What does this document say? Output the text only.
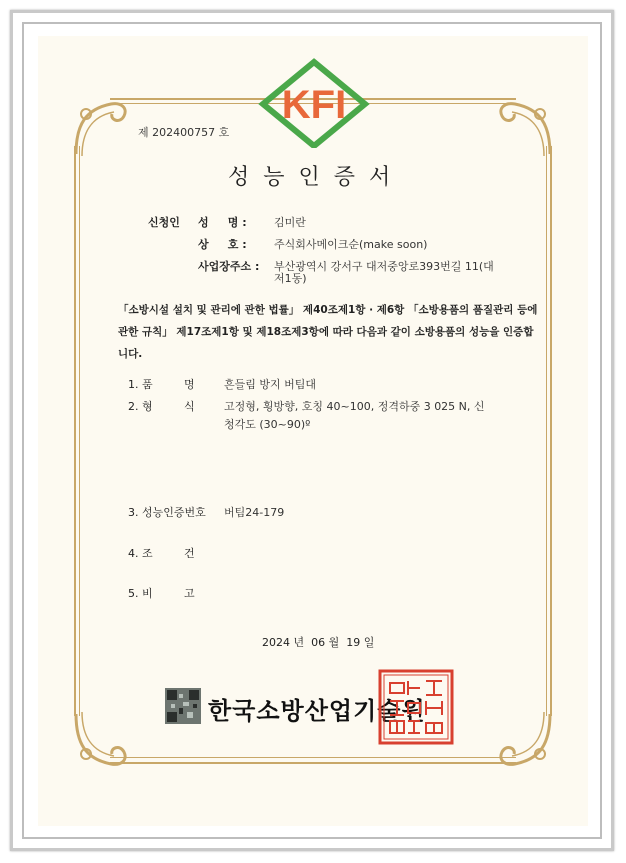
KFI
제 202400757 호
성능인증서
신청인 성     명 : 김미란
상     호 : 주식회사메이크순(make soon)
사업장주소 : 부산광역시 강서구 대저중앙로393번길 11(대
저1동)
「소방시설 설치 및 관리에 관한 법률」 제40조제1항 · 제6항 「소방용품의 품질관리 등에
관한 규칙」 제17조제1항 및 제18조제3항에 따라 다음과 같이 소방용품의 성능을 인증합
니다.
1. 품	명	흔들림 방지 버팀대
2. 형	식	고정형, 횡방향, 호칭 40~100, 정격하중 3 025 N, 신
청각도 (30~90)º
3. 성능인증번호 버팀24-179
4. 조	건
5. 비	고
2024 년  06 월  19 일
한국소방산업기술원
